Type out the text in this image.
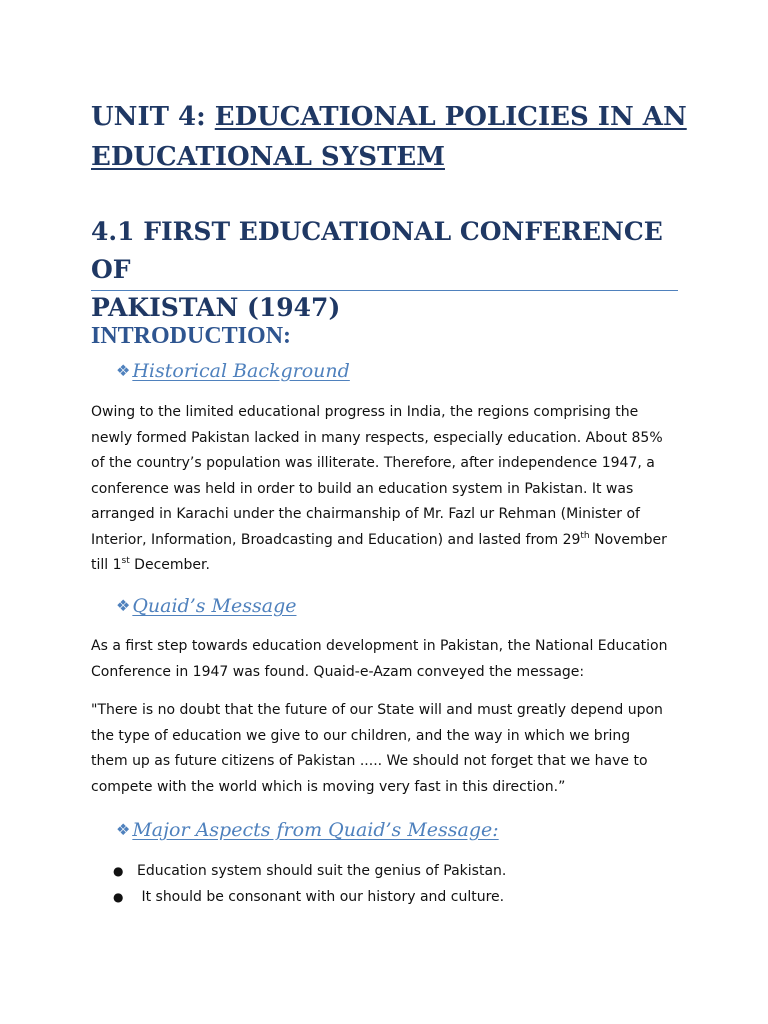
UNIT 4: EDUCATIONAL POLICIES IN AN
EDUCATIONAL SYSTEM
4.1 FIRST EDUCATIONAL CONFERENCE OF
PAKISTAN (1947)
INTRODUCTION:
❖ Historical Background

Owing to the limited educational progress in India, the regions comprising the
newly formed Pakistan lacked in many respects, especially education. About 85%
of the country’s population was illiterate. Therefore, after independence 1947, a
conference was held in order to build an education system in Pakistan. It was
arranged in Karachi under the chairmanship of Mr. Fazl ur Rehman (Minister of
Interior, Information, Broadcasting and Education) and lasted from 29th November
till 1st December.

❖ Quaid’s Message

As a first step towards education development in Pakistan, the National Education
Conference in 1947 was found. Quaid-e-Azam conveyed the message:

"There is no doubt that the future of our State will and must greatly depend upon
the type of education we give to our children, and the way in which we bring
them up as future citizens of Pakistan ..... We should not forget that we have to
compete with the world which is moving very fast in this direction.”

❖ Major Aspects from Quaid’s Message:
● Education system should suit the genius of Pakistan.
● It should be consonant with our history and culture.
